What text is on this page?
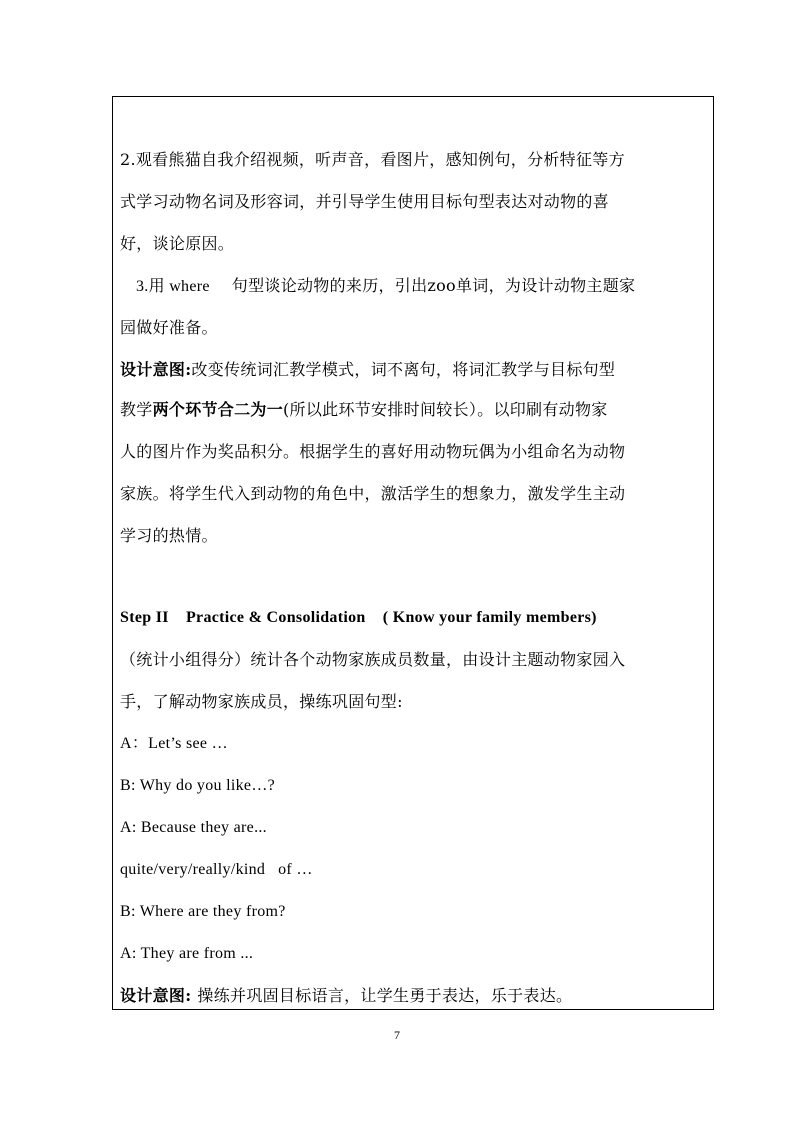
2.观看熊猫自我介绍视频，听声音，看图片，感知例句，分析特征等方
式学习动物名词及形容词，并引导学生使用目标句型表达对动物的喜
好，谈论原因。
3.用 where 句型谈论动物的来历，引出zoo单词，为设计动物主题家
园做好准备。
设计意图:改变传统词汇教学模式，词不离句，将词汇教学与目标句型
教学两个环节合二为一(所以此环节安排时间较长）。以印刷有动物家
人的图片作为奖品积分。根据学生的喜好用动物玩偶为小组命名为动物
家族。将学生代入到动物的角色中，激活学生的想象力，激发学生主动
学习的热情。
Step II    Practice & Consolidation    ( Know your family members)
（统计小组得分）统计各个动物家族成员数量，由设计主题动物家园入
手，了解动物家族成员，操练巩固句型:
A：Let’s see …
B: Why do you like…?
A: Because they are...
quite/very/really/kind   of …
B: Where are they from?
A: They are from ...
设计意图: 操练并巩固目标语言，让学生勇于表达，乐于表达。
7
